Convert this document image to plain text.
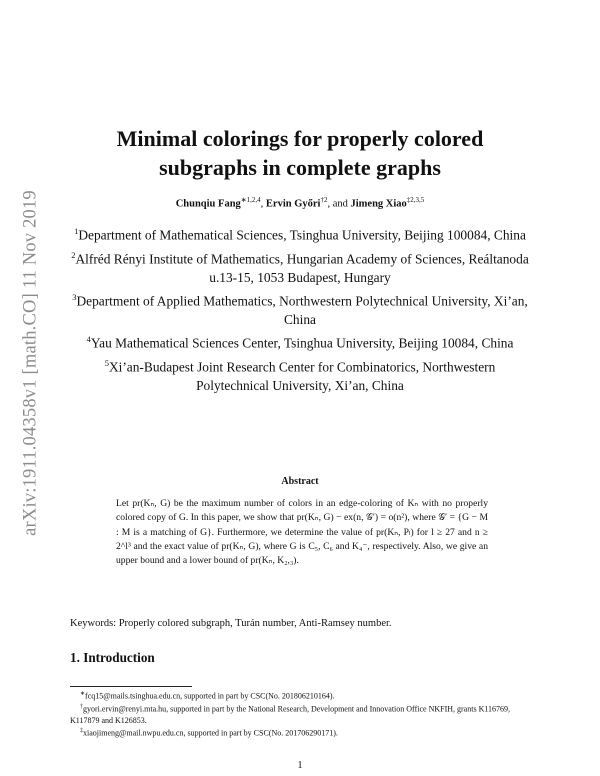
arXiv:1911.04358v1 [math.CO] 11 Nov 2019
Minimal colorings for properly colored
subgraphs in complete graphs
Chunqiu Fang$^{∗1,2,4}$, Ervin Győri$^{\dagger 2}$, and Jimeng Xiao$^{\ddagger 2,3,5}$
$^1$Department of Mathematical Sciences, Tsinghua University, Beijing 100084, China
$^2$Alfréd Rényi Institute of Mathematics, Hungarian Academy of Sciences, Reáltanoda u.13-15, 1053 Budapest, Hungary
$^3$Department of Applied Mathematics, Northwestern Polytechnical University, Xi’an, China
$^4$Yau Mathematical Sciences Center, Tsinghua University, Beijing 10084, China
$^5$Xi’an-Budapest Joint Research Center for Combinatorics, Northwestern Polytechnical University, Xi’an, China
Abstract
Let pr(Kₙ, G) be the maximum number of colors in an edge-coloring of Kₙ with no properly colored copy of G. In this paper, we show that pr(Kₙ, G) − ex(n, 𝒢′) = o(n²), where 𝒢′ = {G − M : M is a matching of G}. Furthermore, we determine the value of pr(Kₙ, Pₗ) for l ≥ 27 and n ≥ 2^l³ and the exact value of pr(Kₙ, G), where G is C₅, C₆ and K₄⁻, respectively. Also, we give an upper bound and a lower bound of pr(Kₙ, K₂,₃).
Keywords: Properly colored subgraph, Turán number, Anti-Ramsey number.
1. Introduction
∗fcq15@mails.tsinghua.edu.cn, supported in part by CSC(No. 201806210164).
†gyori.ervin@renyi.mta.hu, supported in part by the National Research, Development and Innovation Office NKFIH, grants K116769, K117879 and K126853.
‡xiaojimeng@mail.nwpu.edu.cn, supported in part by CSC(No. 201706290171).
1
